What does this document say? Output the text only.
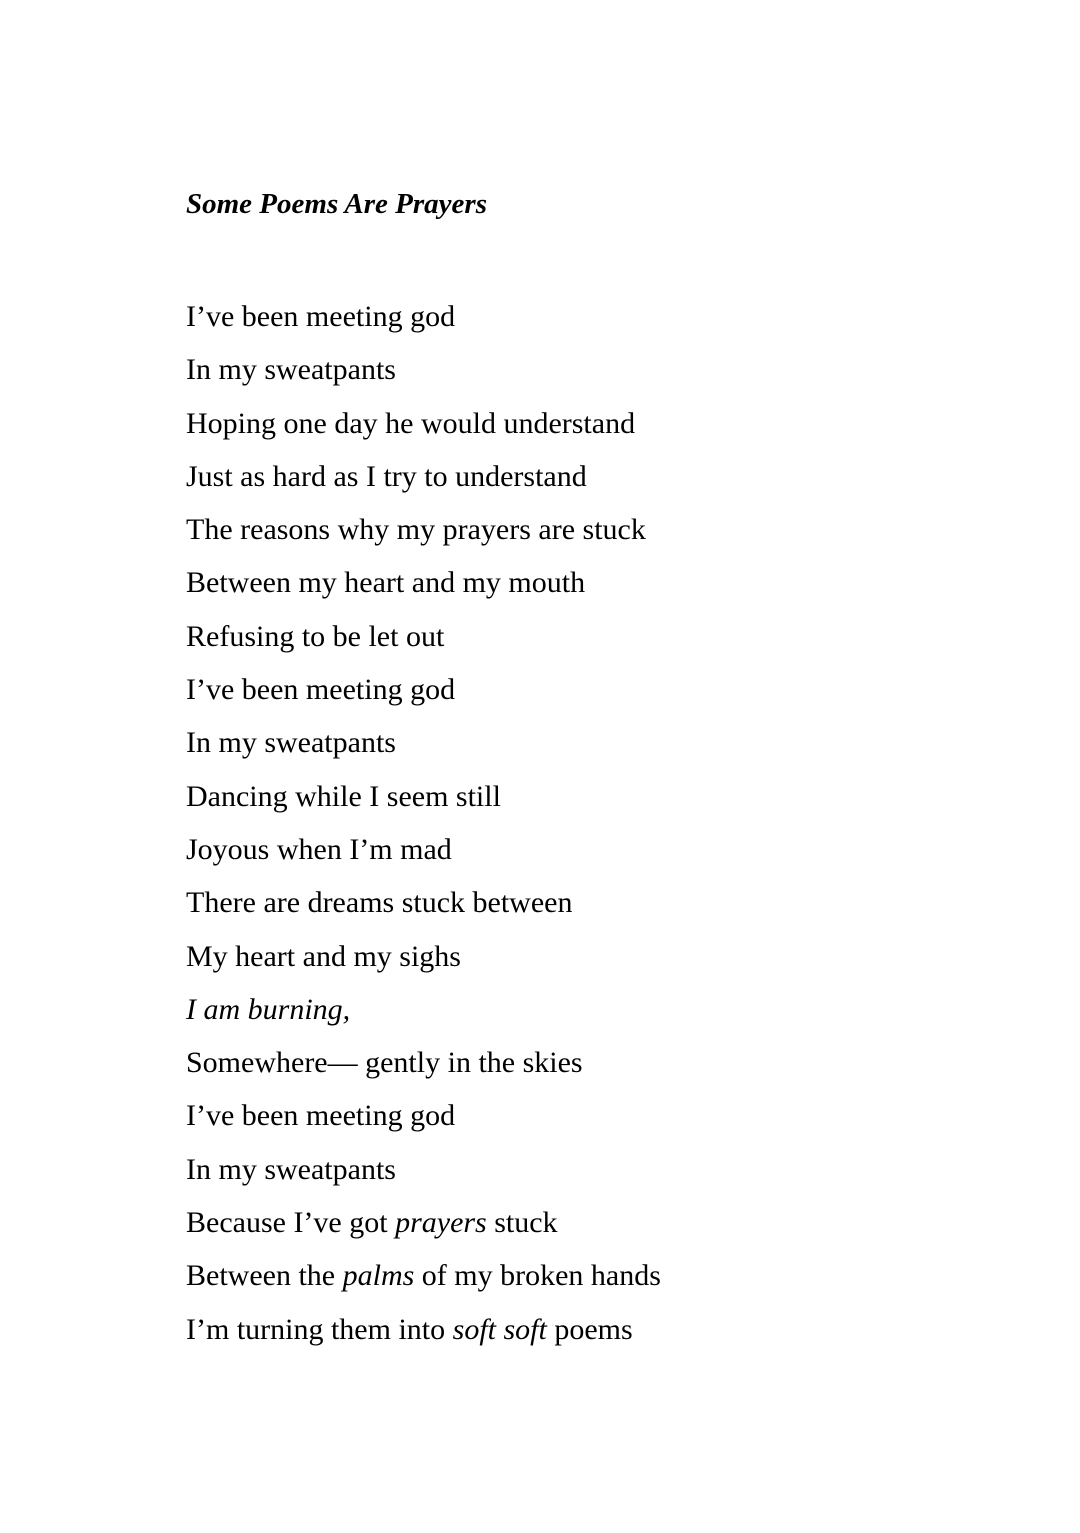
Some Poems Are Prayers
I’ve been meeting god
In my sweatpants
Hoping one day he would understand
Just as hard as I try to understand
The reasons why my prayers are stuck
Between my heart and my mouth
Refusing to be let out
I’ve been meeting god
In my sweatpants
Dancing while I seem still
Joyous when I’m mad
There are dreams stuck between
My heart and my sighs
I am burning,
Somewhere— gently in the skies
I’ve been meeting god
In my sweatpants
Because I’ve got prayers stuck
Between the palms of my broken hands
I’m turning them into soft soft poems
